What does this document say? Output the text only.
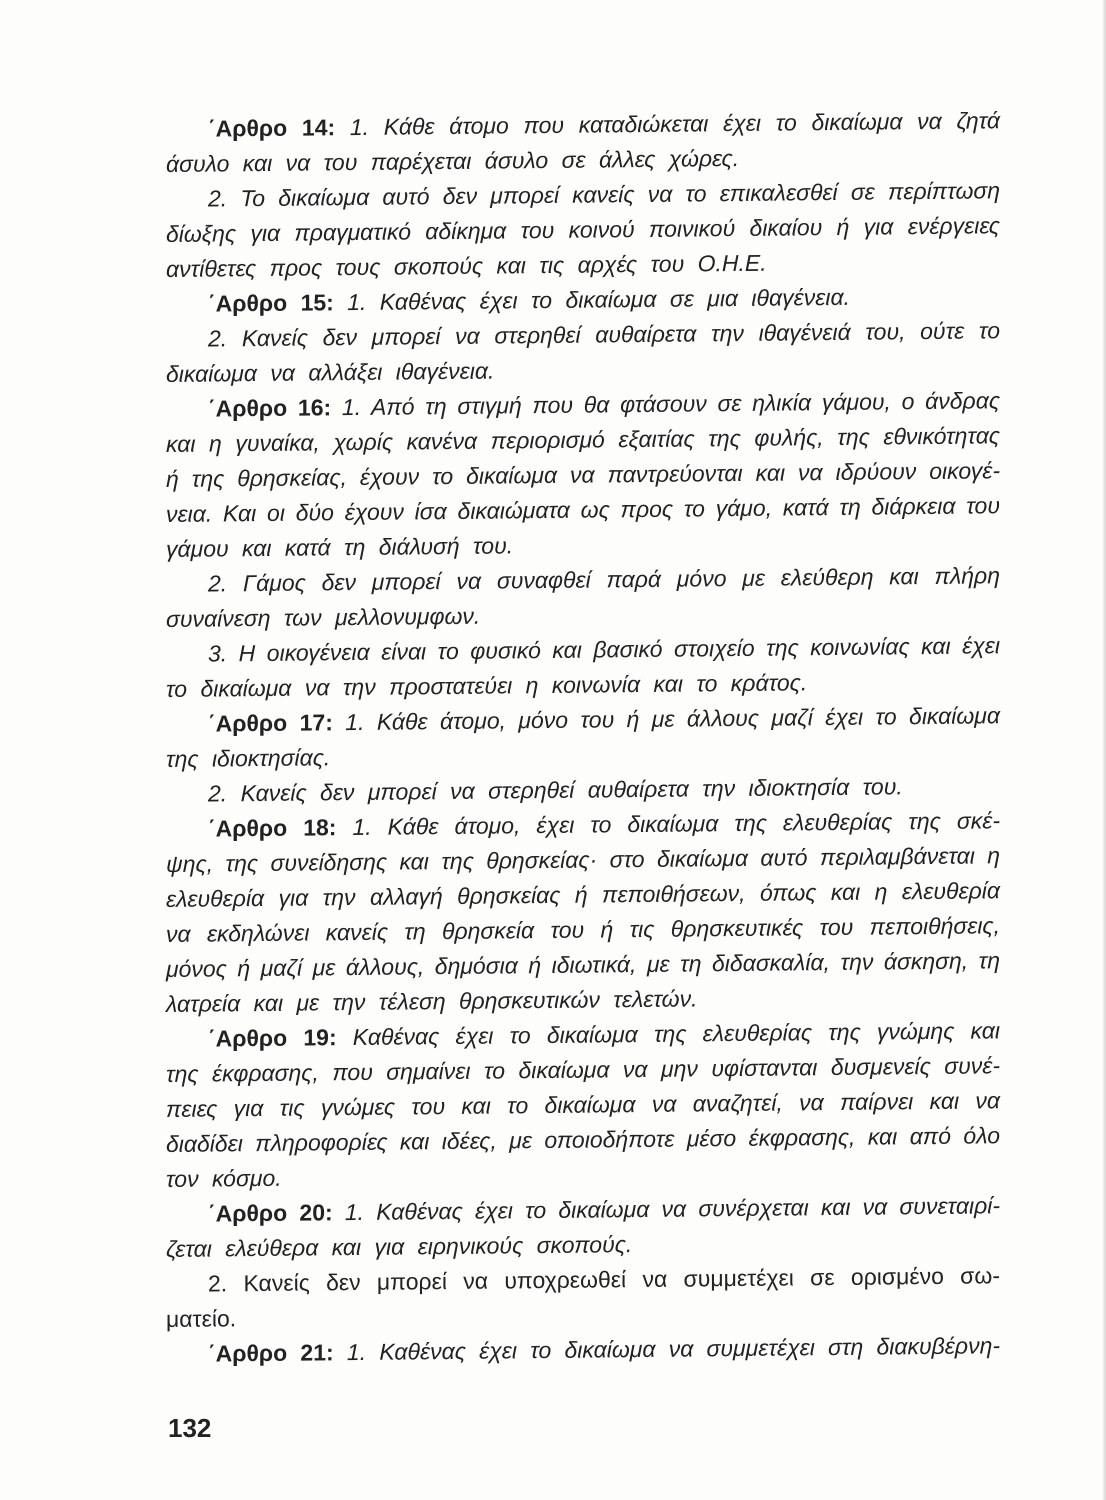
΄Αρθρο 14: 1. Κάθε άτομο που καταδιώκεται έχει το δικαίωμα να ζητά
άσυλο και να του παρέχεται άσυλο σε άλλες χώρες.
2. Το δικαίωμα αυτό δεν μπορεί κανείς να το επικαλεσθεί σε περίπτωση
δίωξης για πραγματικό αδίκημα του κοινού ποινικού δικαίου ή για ενέργειες
αντίθετες προς τους σκοπούς και τις αρχές του Ο.Η.Ε.
΄Αρθρο 15: 1. Καθένας έχει το δικαίωμα σε μια ιθαγένεια.
2. Κανείς δεν μπορεί να στερηθεί αυθαίρετα την ιθαγένειά του, ούτε το
δικαίωμα να αλλάξει ιθαγένεια.
΄Αρθρο 16: 1. Από τη στιγμή που θα φτάσουν σε ηλικία γάμου, ο άνδρας
και η γυναίκα, χωρίς κανένα περιορισμό εξαιτίας της φυλής, της εθνικότητας
ή της θρησκείας, έχουν το δικαίωμα να παντρεύονται και να ιδρύουν οικογέ-
νεια. Και οι δύο έχουν ίσα δικαιώματα ως προς το γάμο, κατά τη διάρκεια του
γάμου και κατά τη διάλυσή του.
2. Γάμος δεν μπορεί να συναφθεί παρά μόνο με ελεύθερη και πλήρη
συναίνεση των μελλονυμφων.
3. Η οικογένεια είναι το φυσικό και βασικό στοιχείο της κοινωνίας και έχει
το δικαίωμα να την προστατεύει η κοινωνία και το κράτος.
΄Αρθρο 17: 1. Κάθε άτομο, μόνο του ή με άλλους μαζί έχει το δικαίωμα
της ιδιοκτησίας.
2. Κανείς δεν μπορεί να στερηθεί αυθαίρετα την ιδιοκτησία του.
΄Αρθρο 18: 1. Κάθε άτομο, έχει το δικαίωμα της ελευθερίας της σκέ-
ψης, της συνείδησης και της θρησκείας· στο δικαίωμα αυτό περιλαμβάνεται η
ελευθερία για την αλλαγή θρησκείας ή πεποιθήσεων, όπως και η ελευθερία
να εκδηλώνει κανείς τη θρησκεία του ή τις θρησκευτικές του πεποιθήσεις,
μόνος ή μαζί με άλλους, δημόσια ή ιδιωτικά, με τη διδασκαλία, την άσκηση, τη
λατρεία και με την τέλεση θρησκευτικών τελετών.
΄Αρθρο 19: Καθένας έχει το δικαίωμα της ελευθερίας της γνώμης και
της έκφρασης, που σημαίνει το δικαίωμα να μην υφίστανται δυσμενείς συνέ-
πειες για τις γνώμες του και το δικαίωμα να αναζητεί, να παίρνει και να
διαδίδει πληροφορίες και ιδέες, με οποιοδήποτε μέσο έκφρασης, και από όλο
τον κόσμο.
΄Αρθρο 20: 1. Καθένας έχει το δικαίωμα να συνέρχεται και να συνεταιρί-
ζεται ελεύθερα και για ειρηνικούς σκοπούς.
2. Κανείς δεν μπορεί να υποχρεωθεί να συμμετέχει σε ορισμένο σω-
ματείο.
΄Αρθρο 21: 1. Καθένας έχει το δικαίωμα να συμμετέχει στη διακυβέρνη-
132
